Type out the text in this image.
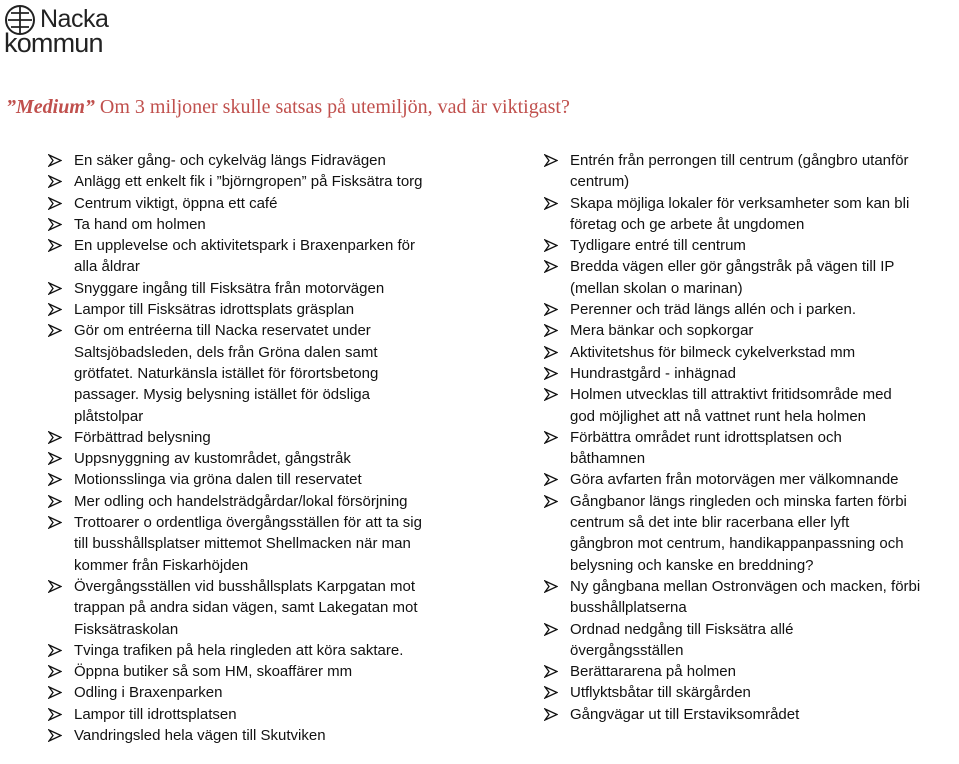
Nacka
kommun
”Medium” Om 3 miljoner skulle satsas på utemiljön, vad är viktigast?
En säker gång- och cykelväg längs Fidravägen
Anlägg ett enkelt fik i ”björngropen” på Fisksätra torg
Centrum viktigt, öppna ett café
Ta hand om holmen
En upplevelse och aktivitetspark i Braxenparken för
alla åldrar
Snyggare ingång till Fisksätra från motorvägen
Lampor till Fisksätras idrottsplats gräsplan
Gör om entréerna till Nacka reservatet under
Saltsjöbadsleden, dels från Gröna dalen samt
grötfatet. Naturkänsla istället för förortsbetong
passager. Mysig belysning istället för ödsliga
plåtstolpar
Förbättrad belysning
Uppsnyggning av kustområdet, gångstråk
Motionsslinga via gröna dalen till reservatet
Mer odling och handelsträdgårdar/lokal försörjning
Trottoarer o ordentliga övergångsställen för att ta sig
till busshållsplatser mittemot Shellmacken när man
kommer från Fiskarhöjden
Övergångsställen vid busshållsplats Karpgatan mot
trappan på andra sidan vägen, samt Lakegatan mot
Fisksätraskolan
Tvinga trafiken på hela ringleden att köra saktare.
Öppna butiker så som HM, skoaffärer mm
Odling i Braxenparken
Lampor till idrottsplatsen
Vandringsled hela vägen till Skutviken
Entrén från perrongen till centrum (gångbro utanför
centrum)
Skapa möjliga lokaler för verksamheter som kan bli
företag och ge arbete åt ungdomen
Tydligare entré till centrum
Bredda vägen eller gör gångstråk på vägen till IP
(mellan skolan o marinan)
Perenner och träd längs allén och i parken.
Mera bänkar och sopkorgar
Aktivitetshus för bilmeck cykelverkstad mm
Hundrastgård - inhägnad
Holmen utvecklas till attraktivt fritidsområde med
god möjlighet att nå vattnet runt hela holmen
Förbättra området runt idrottsplatsen och
båthamnen
Göra avfarten från motorvägen mer välkomnande
Gångbanor längs ringleden och minska farten förbi
centrum så det inte blir racerbana eller lyft
gångbron mot centrum, handikappanpassning och
belysning och kanske en breddning?
Ny gångbana mellan Ostronvägen och macken, förbi
busshållplatserna
Ordnad nedgång till Fisksätra allé
övergångsställen
Berättararena på holmen
Utflyktsbåtar till skärgården
Gångvägar ut till Erstaviksområdet
